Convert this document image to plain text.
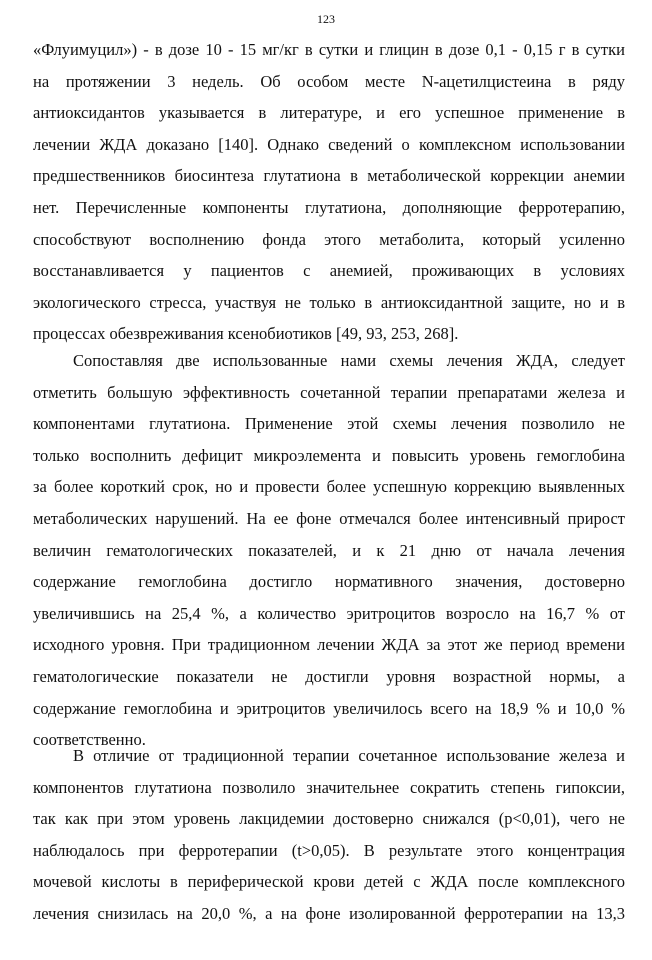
123
«Флуимуцил») - в дозе 10 - 15 мг/кг в сутки и глицин в дозе 0,1 - 0,15 г в сутки
на протяжении 3 недель. Об особом месте N-ацетилцистеина в ряду
антиоксидантов указывается в литературе, и его успешное применение в
лечении ЖДА доказано [140]. Однако сведений о комплексном использовании
предшественников биосинтеза глутатиона в метаболической коррекции анемии
нет. Перечисленные компоненты глутатиона, дополняющие ферротерапию,
способствуют восполнению фонда этого метаболита, который усиленно
восстанавливается у пациентов с анемией, проживающих в условиях
экологического стресса, участвуя не только в антиоксидантной защите, но и в
процессах обезвреживания ксенобиотиков [49, 93, 253, 268].
Сопоставляя две использованные нами схемы лечения ЖДА, следует
отметить большую эффективность сочетанной терапии препаратами железа и
компонентами глутатиона. Применение этой схемы лечения позволило не
только восполнить дефицит микроэлемента и повысить уровень гемоглобина
за более короткий срок, но и провести более успешную коррекцию выявленных
метаболических нарушений. На ее фоне отмечался более интенсивный прирост
величин гематологических показателей, и к 21 дню от начала лечения
содержание гемоглобина достигло нормативного значения, достоверно
увеличившись на 25,4 %, а количество эритроцитов возросло на 16,7 % от
исходного уровня. При традиционном лечении ЖДА за этот же период времени
гематологические показатели не достигли уровня возрастной нормы, а
содержание гемоглобина и эритроцитов увеличилось всего на 18,9 % и 10,0 %
соответственно.
В отличие от традиционной терапии сочетанное использование железа и
компонентов глутатиона позволило значительнее сократить степень гипоксии,
так как при этом уровень лакцидемии достоверно снижался (p<0,01), чего не
наблюдалось при ферротерапии (t>0,05). В результате этого концентрация
мочевой кислоты в периферической крови детей с ЖДА после комплексного
лечения снизилась на 20,0 %, а на фоне изолированной ферротерапии на 13,3
